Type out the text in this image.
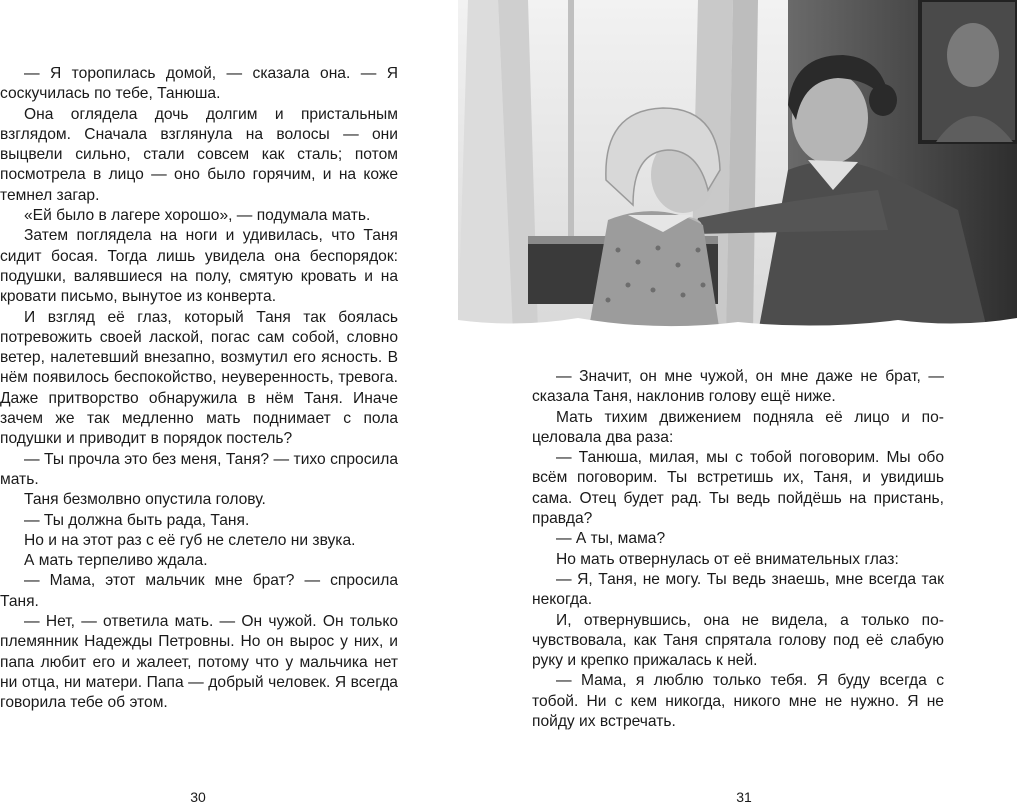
— Я торопилась домой, — сказала она. — Я соскучилась по тебе, Танюша.

Она оглядела дочь долгим и пристальным взглядом. Сначала взглянула на волосы — они выцвели сильно, стали совсем как сталь; потом посмотрела в лицо — оно было горячим, и на коже темнел загар.

«Ей было в лагере хорошо», — подумала мать.

Затем поглядела на ноги и удивилась, что Таня сидит босая. Тогда лишь увидела она беспорядок: подушки, валявшиеся на полу, смятую кровать и на кровати письмо, вынутое из конверта.

И взгляд её глаз, который Таня так боялась потревожить своей лаской, погас сам собой, словно ветер, налетевший внезапно, возмутил его ясность. В нём появилось беспокойство, неуверенность, тревога. Даже притворство обнаружила в нём Таня. Иначе зачем же так медленно мать поднимает с пола подушки и приводит в порядок постель?

— Ты прочла это без меня, Таня? — тихо спросила мать.

Таня безмолвно опустила голову.

— Ты должна быть рада, Таня.

Но и на этот раз с её губ не слетело ни звука.

А мать терпеливо ждала.

— Мама, этот мальчик мне брат? — спросила Таня.

— Нет, — ответила мать. — Он чужой. Он только племянник Надежды Петровны. Но он вырос у них, и папа любит его и жалеет, потому что у мальчика нет ни отца, ни матери. Папа — добрый человек. Я всегда говорила тебе об этом.

30

— Значит, он мне чужой, он мне даже не брат, — сказала Таня, наклонив голову ещё ниже.

Мать тихим движением подняла её лицо и поцеловала два раза:

— Танюша, милая, мы с тобой поговорим. Мы обо всём поговорим. Ты встретишь их, Таня, и увидишь сама. Отец будет рад. Ты ведь пойдёшь на пристань, правда?

— А ты, мама?

Но мать отвернулась от её внимательных глаз:

— Я, Таня, не могу. Ты ведь знаешь, мне всегда так некогда.

И, отвернувшись, она не видела, а только почувствовала, как Таня спрятала голову под её слабую руку и крепко прижалась к ней.

— Мама, я люблю только тебя. Я буду всегда с тобой. Ни с кем никогда, никого мне не нужно. Я не пойду их встречать.

31
